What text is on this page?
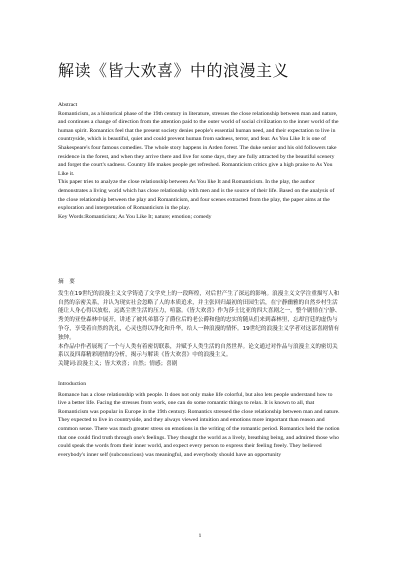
解读《皆大欢喜》中的浪漫主义
Abstract

Romanticism, as a historical phase of the 19th century in literature, stresses the close relationship between man and nature, and continues a change of direction from the attention paid to the outer world of social civilization to the inner world of the human spirit. Romantics feel that the present society denies people's essential human need, and their expectation to live in countryside, which is beautiful, quiet and could prevent human from sadness, terror, and fear. As You Like It is one of Shakespeare's four famous comedies. The whole story happens in Arden forest. The duke senior and his old followers take residence in the forest, and when they arrive there and live for some days, they are fully attracted by the beautiful scenery and forget the court's sadness. Country life makes people get refreshed. Romanticism critics give a high praise to As You Like it.

This paper tries to analyze the close relationship between As You like It and Romanticism. In the play, the author demonstrates a living world which has close relationship with men and is the source of their life. Based on the analysis of the close relationship between the play and Romanticism, and four scenes extracted from the play, the paper aims at the exploration and interpretation of Romanticism in the play.

Key Words:Romanticism; As You Like It; nature; emotion; comedy

摘　要

发生在19世纪的浪漫主义文学铸造了文学史上的一段辉煌，对后世产生了深远的影响。浪漫主义文学注重描写人和自然的亲密关系，并认为现实社会忽略了人的本质追求，并主张回归最初的田园生活，在宁静幽雅的自然乡村生活能让人身心得以放松，远离尘世生活的压力，喧嚣。《皆大欢喜》作为莎士比亚的四大喜剧之一，整个剧情在宁静、秀美的亚登森林中展开，讲述了被其弟篡夺了爵位后的老公爵和他的忠实的随从们来到森林里，忘却宫廷的虚伪与争夺，享受着自然的洗礼，心灵也得以净化和升华，给人一种浪漫的情怀。19世纪的浪漫主义学者对这部喜剧情有独钟。

本作品中作者展现了一个与人类有着密切联系，并赋予人类生活的自然世界。论文通过对作品与浪漫主义的密切关系以及四幕精彩剧情的分析，揭示与解读《皆大欢喜》中的浪漫主义。

关键词:浪漫主义；皆大欢喜；自然；情感；喜剧

Introduction

Romance has a close relationship with people. It does not only make life colorful, but also lets people understand how to live a better life. Facing the stresses from work, one can do some romantic things to relax. It is known to all, that Romanticism was popular in Europe in the 19th century. Romantics stressed the close relationship between man and nature. They expected to live in countryside, and they always viewed intuition and emotions more important than reason and common sense. There was much greater stress on emotions in the writing of the romantic period. Romantics held the notion that one could find truth through one's feelings. They thought the world as a lively, breathing being, and admired those who could speak the words from their inner world, and expect every person to express their feeling freely. They believed everybody's inner self (subconscious) was meaningful, and everybody should have an opportunity

i
